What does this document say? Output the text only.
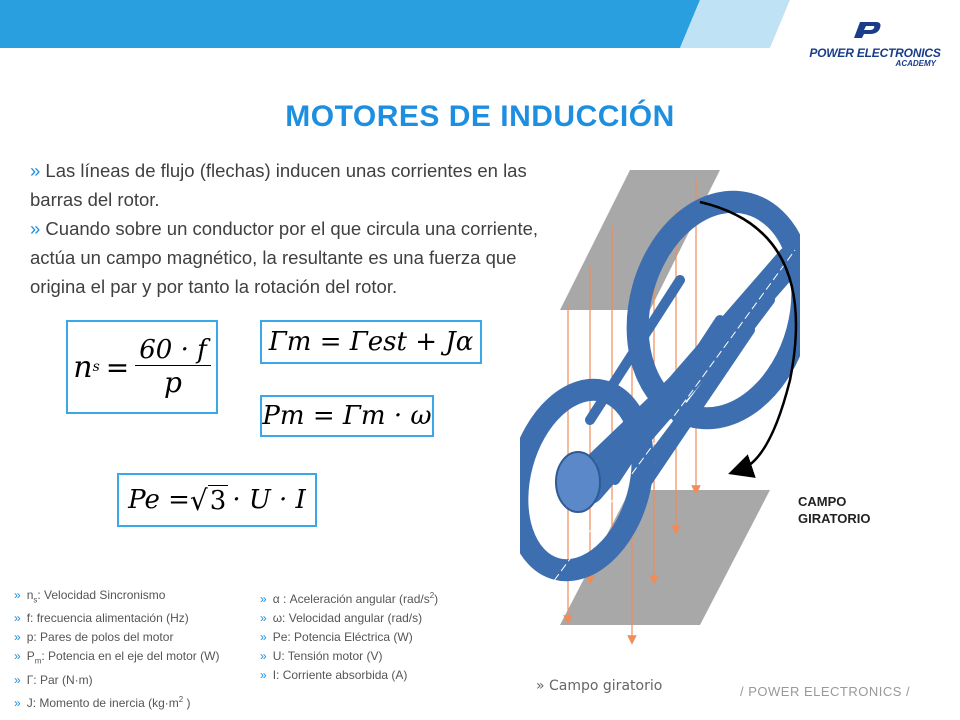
POWER ELECTRONICS
ACADEMY
MOTORES DE INDUCCIÓN
» Las líneas de flujo (flechas) inducen unas corrientes en las barras del rotor.
» Cuando sobre un conductor por el que circula una corriente, actúa un campo magnético, la resultante es una fuerza que origina el par y por tanto la rotación del rotor.
n $s = \frac{60 \cdot f}{p}$	Γm = Γest + Jα
Pm = Γm · ω
Pe = √ 3 · U · I
» $n_s$: Velocidad Sincronismo
» f: frecuencia alimentación (Hz)
» p: Pares de polos del motor
» $P_m$: Potencia en el eje del motor (W)
» Γ: Par (N·m)
» J: Momento de inercia ($kg\cdot m^2$ )
» α : Aceleración angular $(rad/s^2)$
» ω: Velocidad angular (rad/s)
» Pe: Potencia Eléctrica (W)
» U: Tensión motor (V)
» I: Corriente absorbida (A)
CAMPO GIRATORIO
» Campo giratorio	/ POWER ELECTRONICS /
